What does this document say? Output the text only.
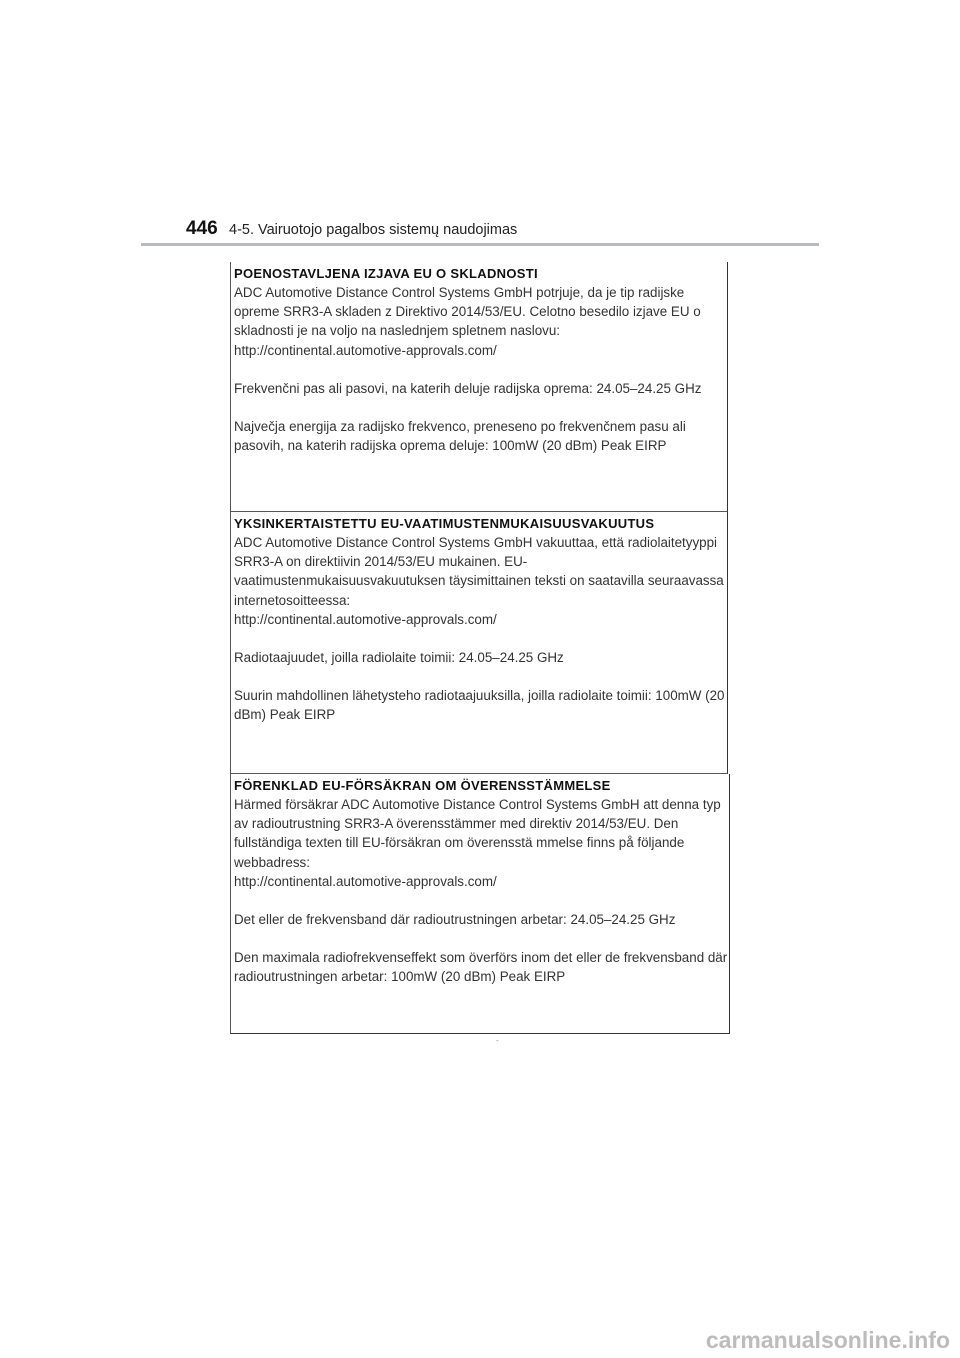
446 4-5. Vairuotojo pagalbos sistemų naudojimas

POENOSTAVLJENA IZJAVA EU O SKLADNOSTI

ADC Automotive Distance Control Systems GmbH potrjuje, da je tip radijske opreme SRR3-A skladen z Direktivo 2014/53/EU. Celotno besedilo izjave EU o skladnosti je na voljo na naslednjem spletnem naslovu:

http://continental.automotive-approvals.com/

Frekvenčni pas ali pasovi, na katerih deluje radijska oprema: 24.05–24.25 GHz

Največja energija za radijsko frekvenco, preneseno po frekvenčnem pasu ali pasovih, na katerih radijska oprema deluje: 100mW (20 dBm) Peak EIRP

YKSINKERTAISTETTU EU-VAATIMUSTENMUKAISUUSVAKUUTUS

ADC Automotive Distance Control Systems GmbH vakuuttaa, että radiolaitetyyppi SRR3-A on direktiivin 2014/53/EU mukainen. EU-vaatimustenmukaisuusvakuutuksen täysimittainen teksti on saatavilla seuraavassa internetosoitteessa:

http://continental.automotive-approvals.com/

Radiotaajuudet, joilla radiolaite toimii: 24.05–24.25 GHz

Suurin mahdollinen lähetysteho radiotaajuuksilla, joilla radiolaite toimii: 100mW (20 dBm) Peak EIRP

FÖRENKLAD EU-FÖRSÄKRAN OM ÖVERENSSTÄMMELSE

Härmed försäkrar ADC Automotive Distance Control Systems GmbH att denna typ av radioutrustning SRR3-A överensstämmer med direktiv 2014/53/EU. Den fullständiga texten till EU-försäkran om överensstä mmelse finns på följande webbadress:

http://continental.automotive-approvals.com/

Det eller de frekvensband där radioutrustningen arbetar: 24.05–24.25 GHz

Den maximala radiofrekvenseffekt som överförs inom det eller de frekvensband där radioutrustningen arbetar: 100mW (20 dBm) Peak EIRP

-
carmanualsonline.info
